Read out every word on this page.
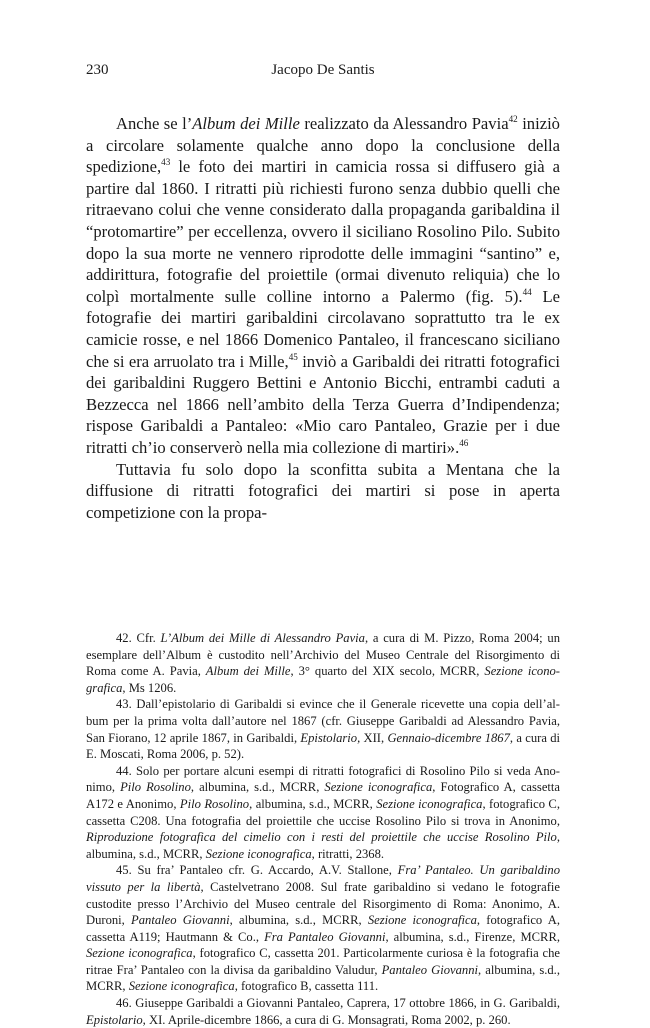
230	Jacopo De Santis

Anche se l’Album dei Mille realizzato da Alessandro Pavia$^{42}$ iniziò a circolare solamente qualche anno dopo la conclusione della spedizione,$^{43}$ le foto dei martiri in camicia rossa si diffusero già a partire dal 1860. I ritratti più richiesti furono senza dubbio quelli che ritraevano colui che venne considerato dalla propaganda garibaldina il “protomartire” per eccellenza, ovvero il siciliano Rosolino Pilo. Subito dopo la sua morte ne vennero riprodotte delle immagini “santino” e, addirittura, fotografie del proiettile (ormai divenuto reliquia) che lo colpì mortalmente sulle colline intorno a Palermo (fig. 5).$^{44}$ Le fotografie dei martiri garibaldini circolavano soprattutto tra le ex camicie rosse, e nel 1866 Domenico Pantaleo, il francescano siciliano che si era arruolato tra i Mille,$^{45}$ inviò a Garibaldi dei ritratti fotografici dei garibaldini Ruggero Bettini e Antonio Bicchi, entrambi caduti a Bezzecca nel 1866 nell’ambito della Terza Guerra d’Indipendenza; rispose Garibaldi a Pantaleo: «Mio caro Pantaleo, Grazie per i due ritratti ch’io conserverò nella mia collezione di martiri».$^{46}$

Tuttavia fu solo dopo la sconfitta subita a Mentana che la diffusione di ritratti fotografici dei martiri si pose in aperta competizione con la propa-

42. Cfr. L’Album dei Mille di Alessandro Pavia, a cura di M. Pizzo, Roma 2004; un esemplare dell’Album è custodito nell’Archivio del Museo Centrale del Risorgimento di Roma come A. Pavia, Album dei Mille, 3° quarto del XIX secolo, MCRR, Sezione iconografica, Ms 1206.

43. Dall’epistolario di Garibaldi si evince che il Generale ricevette una copia dell’album per la prima volta dall’autore nel 1867 (cfr. Giuseppe Garibaldi ad Alessandro Pavia, San Fiorano, 12 aprile 1867, in Garibaldi, Epistolario, XII, Gennaio-dicembre 1867, a cura di E. Moscati, Roma 2006, p. 52).

44. Solo per portare alcuni esempi di ritratti fotografici di Rosolino Pilo si veda Anonimo, Pilo Rosolino, albumina, s.d., MCRR, Sezione iconografica, Fotografico A, cassetta A172 e Anonimo, Pilo Rosolino, albumina, s.d., MCRR, Sezione iconografica, fotografico C, cassetta C208. Una fotografia del proiettile che uccise Rosolino Pilo si trova in Anonimo, Riproduzione fotografica del cimelio con i resti del proiettile che uccise Rosolino Pilo, albumina, s.d., MCRR, Sezione iconografica, ritratti, 2368.

45. Su fra’ Pantaleo cfr. G. Accardo, A.V. Stallone, Fra’ Pantaleo. Un garibaldino vissuto per la libertà, Castelvetrano 2008. Sul frate garibaldino si vedano le fotografie custodite presso l’Archivio del Museo centrale del Risorgimento di Roma: Anonimo, A. Duroni, Pantaleo Giovanni, albumina, s.d., MCRR, Sezione iconografica, fotografico A, cassetta A119; Hautmann & Co., Fra Pantaleo Giovanni, albumina, s.d., Firenze, MCRR, Sezione iconografica, fotografico C, cassetta 201. Particolarmente curiosa è la fotografia che ritrae Fra’ Pantaleo con la divisa da garibaldino Valudur, Pantaleo Giovanni, albumina, s.d., MCRR, Sezione iconografica, fotografico B, cassetta 111.

46. Giuseppe Garibaldi a Giovanni Pantaleo, Caprera, 17 ottobre 1866, in G. Garibaldi, Epistolario, XI. Aprile-dicembre 1866, a cura di G. Monsagrati, Roma 2002, p. 260.
